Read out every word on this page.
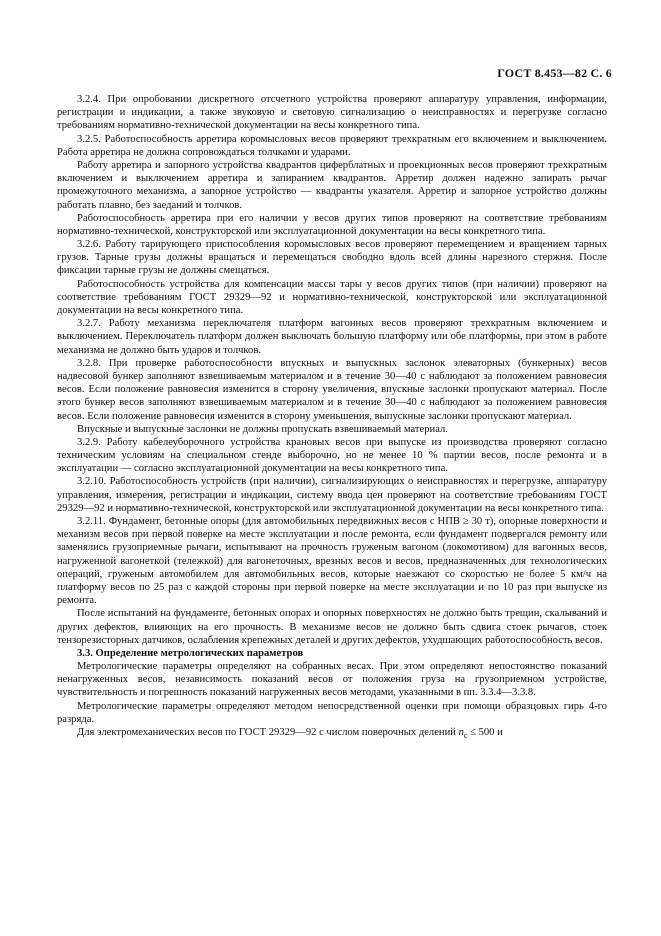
ГОСТ 8.453—82 С. 6

3.2.4. При опробовании дискретного отсчетного устройства проверяют аппаратуру управления, информации, регистрации и индикации, а также звуковую и световую сигнализацию о неисправностях и перегрузке согласно требованиям нормативно-технической документации на весы конкретного типа.

3.2.5. Работоспособность арретира коромысловых весов проверяют трехкратным его включением и выключением. Работа арретира не должна сопровождаться толчками и ударами.

Работу арретира и запорного устройства квадрантов циферблатных и проекционных весов проверяют трехкратным включением и выключением арретира и запиранием квадрантов. Арретир должен надежно запирать рычаг промежуточного механизма, а запорное устройство — квадранты указателя. Арретир и запорное устройство должны работать плавно, без заеданий и толчков.

Работоспособность арретира при его наличии у весов других типов проверяют на соответствие требованиям нормативно-технической, конструкторской или эксплуатационной документации на весы конкретного типа.

3.2.6. Работу тарирующего приспособления коромысловых весов проверяют перемещением и вращением тарных грузов. Тарные грузы должны вращаться и перемещаться свободно вдоль всей длины нарезного стержня. После фиксации тарные грузы не должны смещаться.

Работоспособность устройства для компенсации массы тары у весов других типов (при наличии) проверяют на соответствие требованиям ГОСТ 29329—92 и нормативно-технической, конструкторской или эксплуатационной документации на весы конкретного типа.

3.2.7. Работу механизма переключателя платформ вагонных весов проверяют трехкратным включением и выключением. Переключатель платформ должен выключать большую платформу или обе платформы, при этом в работе механизма не должно быть ударов и толчков.

3.2.8. При проверке работоспособности впускных и выпускных заслонок элеваторных (бункерных) весов надвесовой бункер заполняют взвешиваемым материалом и в течение 30—40 с наблюдают за положением равновесия весов. Если положение равновесия изменится в сторону увеличения, впускные заслонки пропускают материал. После этого бункер весов заполняют взвешиваемым материалом и в течение 30—40 с наблюдают за положением равновесия весов. Если положение равновесия изменится в сторону уменьшения, выпускные заслонки пропускают материал.

Впускные и выпускные заслонки не должны пропускать взвешиваемый материал.

3.2.9. Работу кабелеуборочного устройства крановых весов при выпуске из производства проверяют согласно техническим условиям на специальном стенде выборочно, но не менее 10 % партии весов, после ремонта и в эксплуатации — согласно эксплуатационной документации на весы конкретного типа.

3.2.10. Работоспособность устройств (при наличии), сигнализирующих о неисправностях и перегрузке, аппаратуру управления, измерения, регистрации и индикации, систему ввода цен проверяют на соответствие требованиям ГОСТ 29329—92 и нормативно-технической, конструкторской или эксплуатационной документации на весы конкретного типа.

3.2.11. Фундамент, бетонные опоры (для автомобильных передвижных весов с НПВ ≥ 30 т), опорные поверхности и механизм весов при первой поверке на месте эксплуатации и после ремонта, если фундамент подвергался ремонту или заменялись грузоприемные рычаги, испытывают на прочность груженым вагоном (локомотивом) для вагонных весов, нагруженной вагонеткой (тележкой) для вагонеточных, врезных весов и весов, предназначенных для технологических операций, груженым автомобилем для автомобильных весов, которые наезжают со скоростью не более 5 км/ч на платформу весов по 25 раз с каждой стороны при первой поверке на месте эксплуатации и по 10 раз при выпуске из ремонта.

После испытаний на фундаменте, бетонных опорах и опорных поверхностях не должно быть трещин, скалываний и других дефектов, влияющих на его прочность. В механизме весов не должно быть сдвига стоек рычагов, стоек тензорезисторных датчиков, ослабления крепежных деталей и других дефектов, ухудшающих работоспособность весов.

3.3. Определение метрологических параметров

Метрологические параметры определяют на собранных весах. При этом определяют непостоянство показаний ненагруженных весов, независимость показаний весов от положения груза на грузоприемном устройстве, чувствительность и погрешность показаний нагруженных весов методами, указанными в пп. 3.3.4—3.3.8.

Метрологические параметры определяют методом непосредственной оценки при помощи образцовых гирь 4-го разряда.

Для электромеханических весов по ГОСТ 29329—92 с числом поверочных делений $n_c \le 500$ и
